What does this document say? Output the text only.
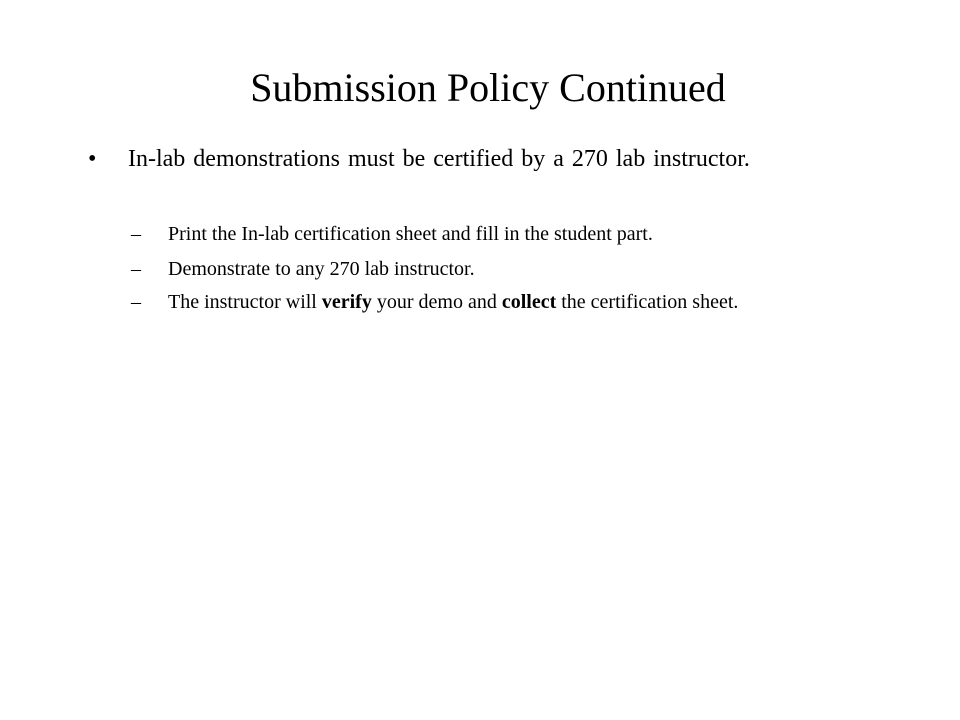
Submission Policy Continued
•	In-lab demonstrations must be certified by a 270 lab instructor.
–	Print the In-lab certification sheet and fill in the student part.
–	Demonstrate to any 270 lab instructor.
–	The instructor will verify your demo and collect the certification sheet.
